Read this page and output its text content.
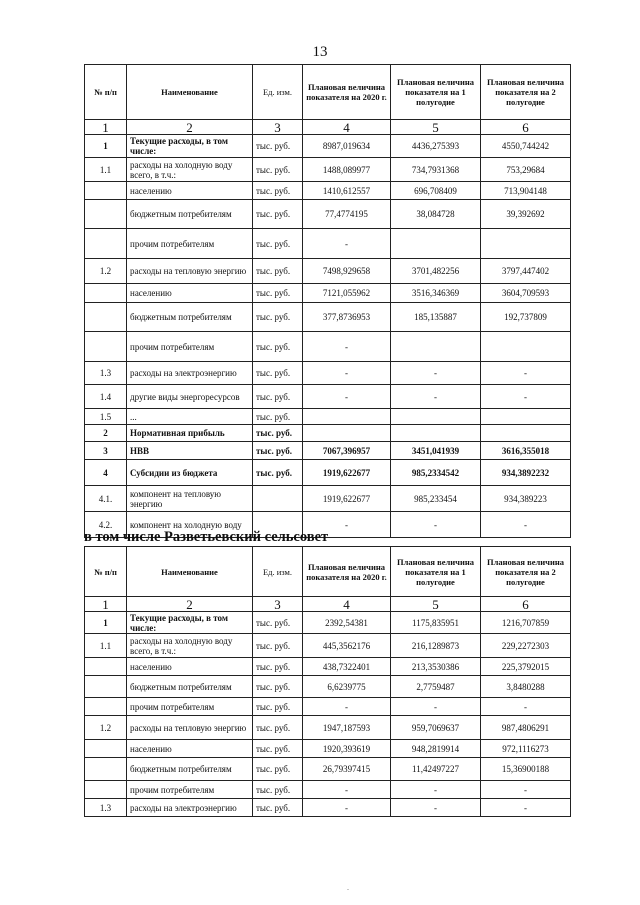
13
№ п/п	Наименование	Ед. изм.	Плановая величина показателя на 2020 г.	Плановая величина показателя на 1 полугодие	Плановая величина показателя на 2 полугодие
1	2	3	4	5	6
1	Текущие расходы, в том числе:	тыс. руб.	8987,019634	4436,275393	4550,744242
1.1	расходы на холодную воду всего, в т.ч.:	тыс. руб.	1488,089977	734,7931368	753,29684
	населению	тыс. руб.	1410,612557	696,708409	713,904148
	бюджетным потребителям	тыс. руб.	77,4774195	38,084728	39,392692
	прочим потребителям	тыс. руб.	-		
1.2	расходы на тепловую энергию	тыс. руб.	7498,929658	3701,482256	3797,447402
	населению	тыс. руб.	7121,055962	3516,346369	3604,709593
	бюджетным потребителям	тыс. руб.	377,8736953	185,135887	192,737809
	прочим потребителям	тыс. руб.	-		
1.3	расходы на электроэнергию	тыс. руб.	-	-	-
1.4	другие виды энергоресурсов	тыс. руб.	-	-	-
1.5	...	тыс. руб.			
2	Нормативная прибыль	тыс. руб.			
3	НВВ	тыс. руб.	7067,396957	3451,041939	3616,355018
4	Субсидии из бюджета	тыс. руб.	1919,622677	985,2334542	934,3892232
4.1.	компонент на тепловую энергию		1919,622677	985,233454	934,389223
4.2.	компонент на холодную воду		-	-	-
в том числе Разветьевский сельсовет
№ п/п	Наименование	Ед. изм.	Плановая величина показателя на 2020 г.	Плановая величина показателя на 1 полугодие	Плановая величина показателя на 2 полугодие
1	2	3	4	5	6
1	Текущие расходы, в том числе:	тыс. руб.	2392,54381	1175,835951	1216,707859
1.1	расходы на холодную воду всего, в т.ч.:	тыс. руб.	445,3562176	216,1289873	229,2272303
	населению	тыс. руб.	438,7322401	213,3530386	225,3792015
	бюджетным потребителям	тыс. руб.	6,6239775	2,7759487	3,8480288
	прочим потребителям	тыс. руб.	-	-	-
1.2	расходы на тепловую энергию	тыс. руб.	1947,187593	959,7069637	987,4806291
	населению	тыс. руб.	1920,393619	948,2819914	972,1116273
	бюджетным потребителям	тыс. руб.	26,79397415	11,42497227	15,36900188
	прочим потребителям	тыс. руб.	-	-	-
1.3	расходы на электроэнергию	тыс. руб.	-	-	-
.
